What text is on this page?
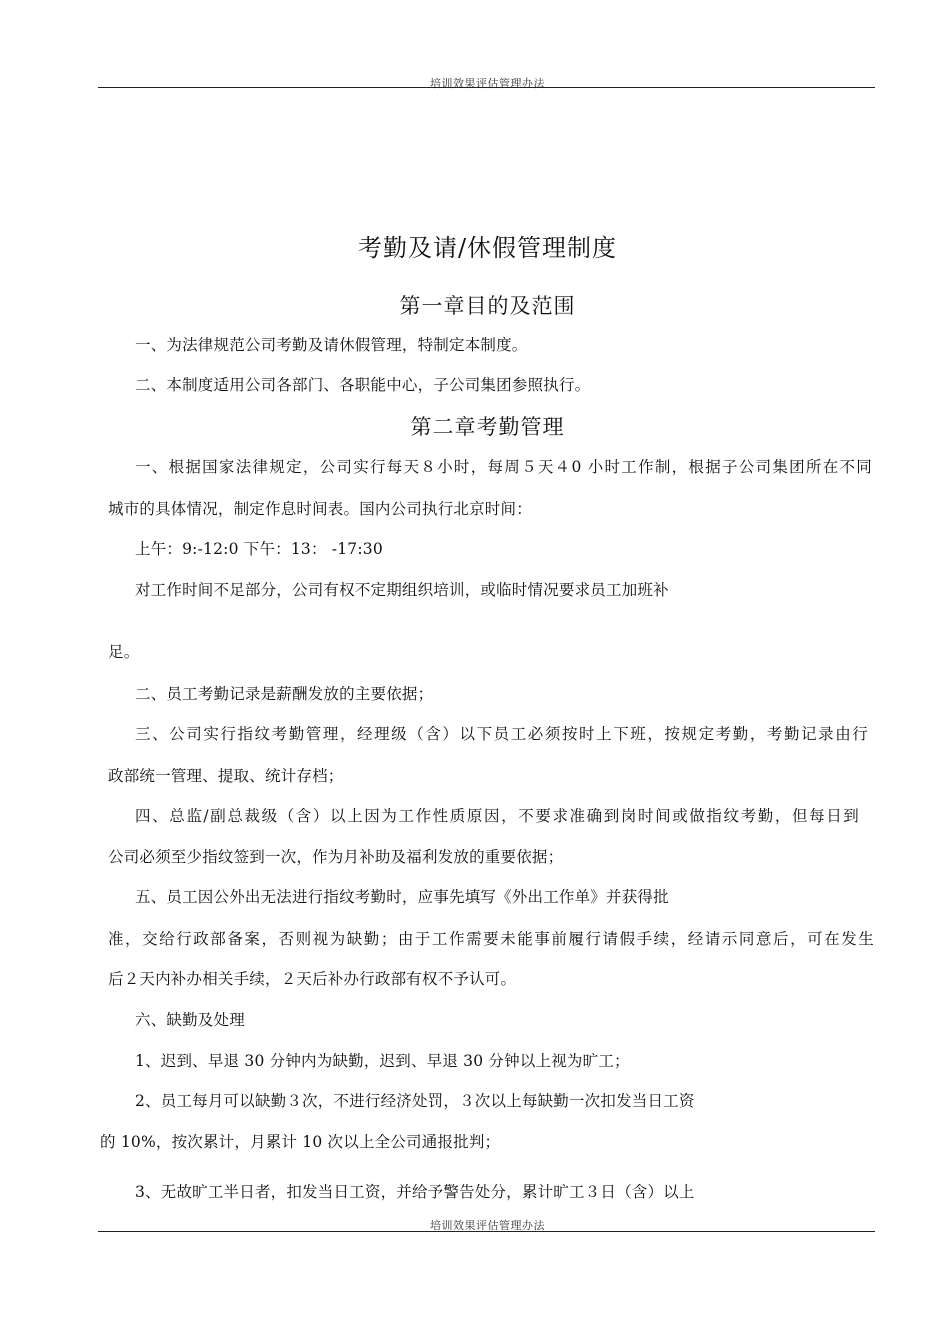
培训效果评估管理办法
考勤及请/休假管理制度
第一章目的及范围
一、为法律规范公司考勤及请休假管理，特制定本制度。
二、本制度适用公司各部门、各职能中心，子公司集团参照执行。
第二章考勤管理
一、根据国家法律规定，公司实行每天８小时，每周５天４0 小时工作制，根据子公司集团所在不同
城市的具体情况，制定作息时间表。国内公司执行北京时间：
上午：9:-12:0 下午：13： -17:30
对工作时间不足部分，公司有权不定期组织培训，或临时情况要求员工加班补
足。
二、员工考勤记录是薪酬发放的主要依据；
三、公司实行指纹考勤管理，经理级（含）以下员工必须按时上下班，按规定考勤，考勤记录由行
政部统一管理、提取、统计存档；
四、总监/副总裁级（含）以上因为工作性质原因，不要求准确到岗时间或做指纹考勤，但每日到
公司必须至少指纹签到一次，作为月补助及福利发放的重要依据；
五、员工因公外出无法进行指纹考勤时，应事先填写《外出工作单》并获得批
准，交给行政部备案，否则视为缺勤；由于工作需要未能事前履行请假手续，经请示同意后，可在发生
后２天内补办相关手续，２天后补办行政部有权不予认可。
六、缺勤及处理
1、迟到、早退 30 分钟内为缺勤，迟到、早退 30 分钟以上视为旷工；
2、员工每月可以缺勤３次，不进行经济处罚，３次以上每缺勤一次扣发当日工资
的 10%，按次累计，月累计 10 次以上全公司通报批判；
3、无故旷工半日者，扣发当日工资，并给予警告处分，累计旷工３日（含）以上
培训效果评估管理办法
